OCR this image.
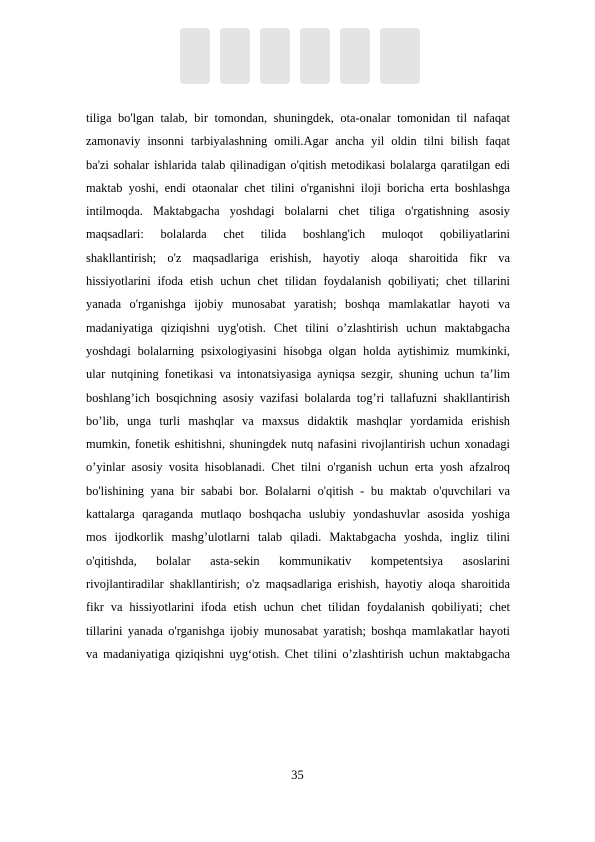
tiliga bo'lgan talab, bir tomondan, shuningdek, ota-onalar tomonidan til nafaqat
zamonaviy insonni tarbiyalashning omili.Agar ancha yil oldin tilni bilish faqat
ba'zi sohalar ishlarida talab qilinadigan o'qitish metodikasi bolalarga qaratilgan edi
maktab yoshi, endi otaonalar chet tilini o'rganishni iloji boricha erta boshlashga
intilmoqda. Maktabgacha yoshdagi bolalarni chet tiliga o'rgatishning asosiy
maqsadlari: bolalarda chet tilida boshlang'ich muloqot qobiliyatlarini
shakllantirish; o'z maqsadlariga erishish, hayotiy aloqa sharoitida fikr va
hissiyotlarini ifoda etish uchun chet tilidan foydalanish qobiliyati; chet tillarini
yanada o'rganishga ijobiy munosabat yaratish; boshqa mamlakatlar hayoti va
madaniyatiga qiziqishni uyg'otish. Chet tilini o’zlashtirish uchun maktabgacha
yoshdagi bolalarning psixologiyasini hisobga olgan holda aytishimiz mumkinki,
ular nutqining fonetikasi va intonatsiyasiga ayniqsa sezgir, shuning uchun ta’lim
boshlang’ich bosqichning asosiy vazifasi bolalarda tog’ri tallafuzni shakllantirish
bo’lib, unga turli mashqlar va maxsus didaktik mashqlar yordamida erishish
mumkin, fonetik eshitishni, shuningdek nutq nafasini rivojlantirish uchun xonadagi
o’yinlar asosiy vosita hisoblanadi. Chet tilni o'rganish uchun erta yosh afzalroq
bo'lishining yana bir sababi bor. Bolalarni o'qitish - bu maktab o'quvchilari va
kattalarga qaraganda mutlaqo boshqacha uslubiy yondashuvlar asosida yoshiga
mos ijodkorlik mashg’ulotlarni talab qiladi. Maktabgacha yoshda, ingliz tilini
o'qitishda, bolalar asta-sekin kommunikativ kompetentsiya asoslarini
rivojlantiradilar shakllantirish; o'z maqsadlariga erishish, hayotiy aloqa sharoitida
fikr va hissiyotlarini ifoda etish uchun chet tilidan foydalanish qobiliyati; chet
tillarini yanada o'rganishga ijobiy munosabat yaratish; boshqa mamlakatlar hayoti
va madaniyatiga qiziqishni uyg‘otish. Chet tilini o’zlashtirish uchun maktabgacha
35
